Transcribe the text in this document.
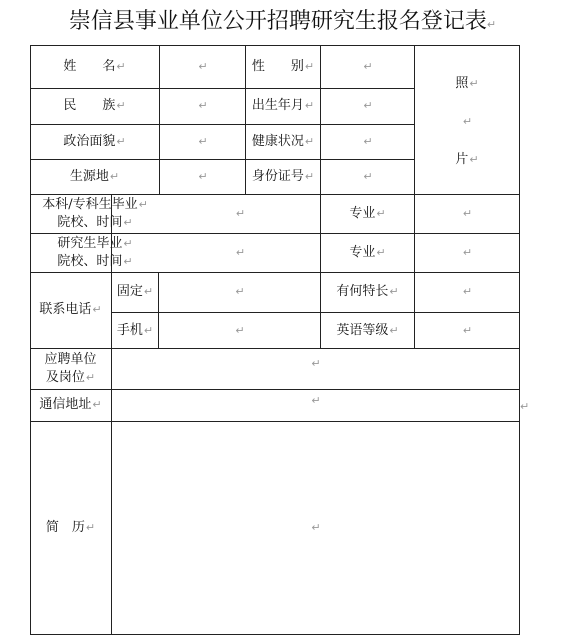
崇信县事业单位公开招聘研究生报名登记表↵
姓　　名 ↵	↵	性　　别 ↵	↵
照 ↵
↵
片 ↵
民　　族 ↵	↵	出生年月 ↵	↵
政治面貌 ↵	↵	健康状况 ↵	↵
生源地 ↵	↵	身份证号 ↵	↵
本科/专科生毕业↵
院校、时间↵
↵	专业 ↵	↵
研究生毕业↵
院校、时间↵
↵	专业 ↵	↵
联系电话 ↵
固定 ↵	↵	有何特长 ↵	↵
手机 ↵	↵	英语等级 ↵	↵
应聘单位
及岗位↵
↵
通信地址 ↵	↵
简　历 ↵	↵
↵
